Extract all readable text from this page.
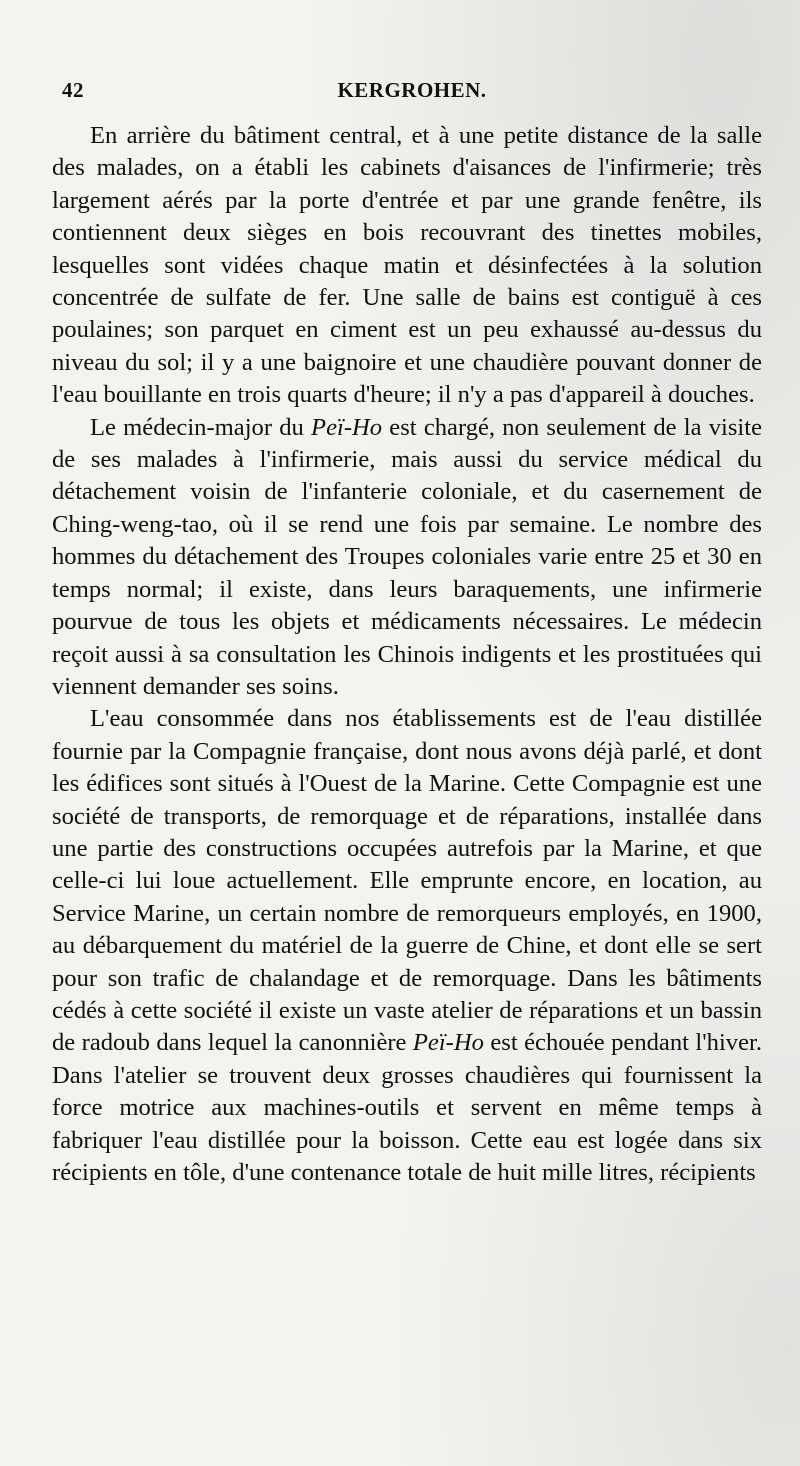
42	KERGROHEN.

En arrière du bâtiment central, et à une petite distance de la salle des malades, on a établi les cabinets d'aisances de l'infirmerie; très largement aérés par la porte d'entrée et par une grande fenêtre, ils contiennent deux sièges en bois recouvrant des tinettes mobiles, lesquelles sont vidées chaque matin et désinfectées à la solution concentrée de sulfate de fer. Une salle de bains est contiguë à ces poulaines; son parquet en ciment est un peu exhaussé au-dessus du niveau du sol; il y a une baignoire et une chaudière pouvant donner de l'eau bouillante en trois quarts d'heure; il n'y a pas d'appareil à douches.

Le médecin-major du Peï-Ho est chargé, non seulement de la visite de ses malades à l'infirmerie, mais aussi du service médical du détachement voisin de l'infanterie coloniale, et du casernement de Ching-weng-tao, où il se rend une fois par semaine. Le nombre des hommes du détachement des Troupes coloniales varie entre 25 et 30 en temps normal; il existe, dans leurs baraquements, une infirmerie pourvue de tous les objets et médicaments nécessaires. Le médecin reçoit aussi à sa consultation les Chinois indigents et les prostituées qui viennent demander ses soins.

L'eau consommée dans nos établissements est de l'eau distillée fournie par la Compagnie française, dont nous avons déjà parlé, et dont les édifices sont situés à l'Ouest de la Marine. Cette Compagnie est une société de transports, de remorquage et de réparations, installée dans une partie des constructions occupées autrefois par la Marine, et que celle-ci lui loue actuellement. Elle emprunte encore, en location, au Service Marine, un certain nombre de remorqueurs employés, en 1900, au débarquement du matériel de la guerre de Chine, et dont elle se sert pour son trafic de chalandage et de remorquage. Dans les bâtiments cédés à cette société il existe un vaste atelier de réparations et un bassin de radoub dans lequel la canonnière Peï-Ho est échouée pendant l'hiver. Dans l'atelier se trouvent deux grosses chaudières qui fournissent la force motrice aux machines-outils et servent en même temps à fabriquer l'eau distillée pour la boisson. Cette eau est logée dans six récipients en tôle, d'une contenance totale de huit mille litres, récipients
